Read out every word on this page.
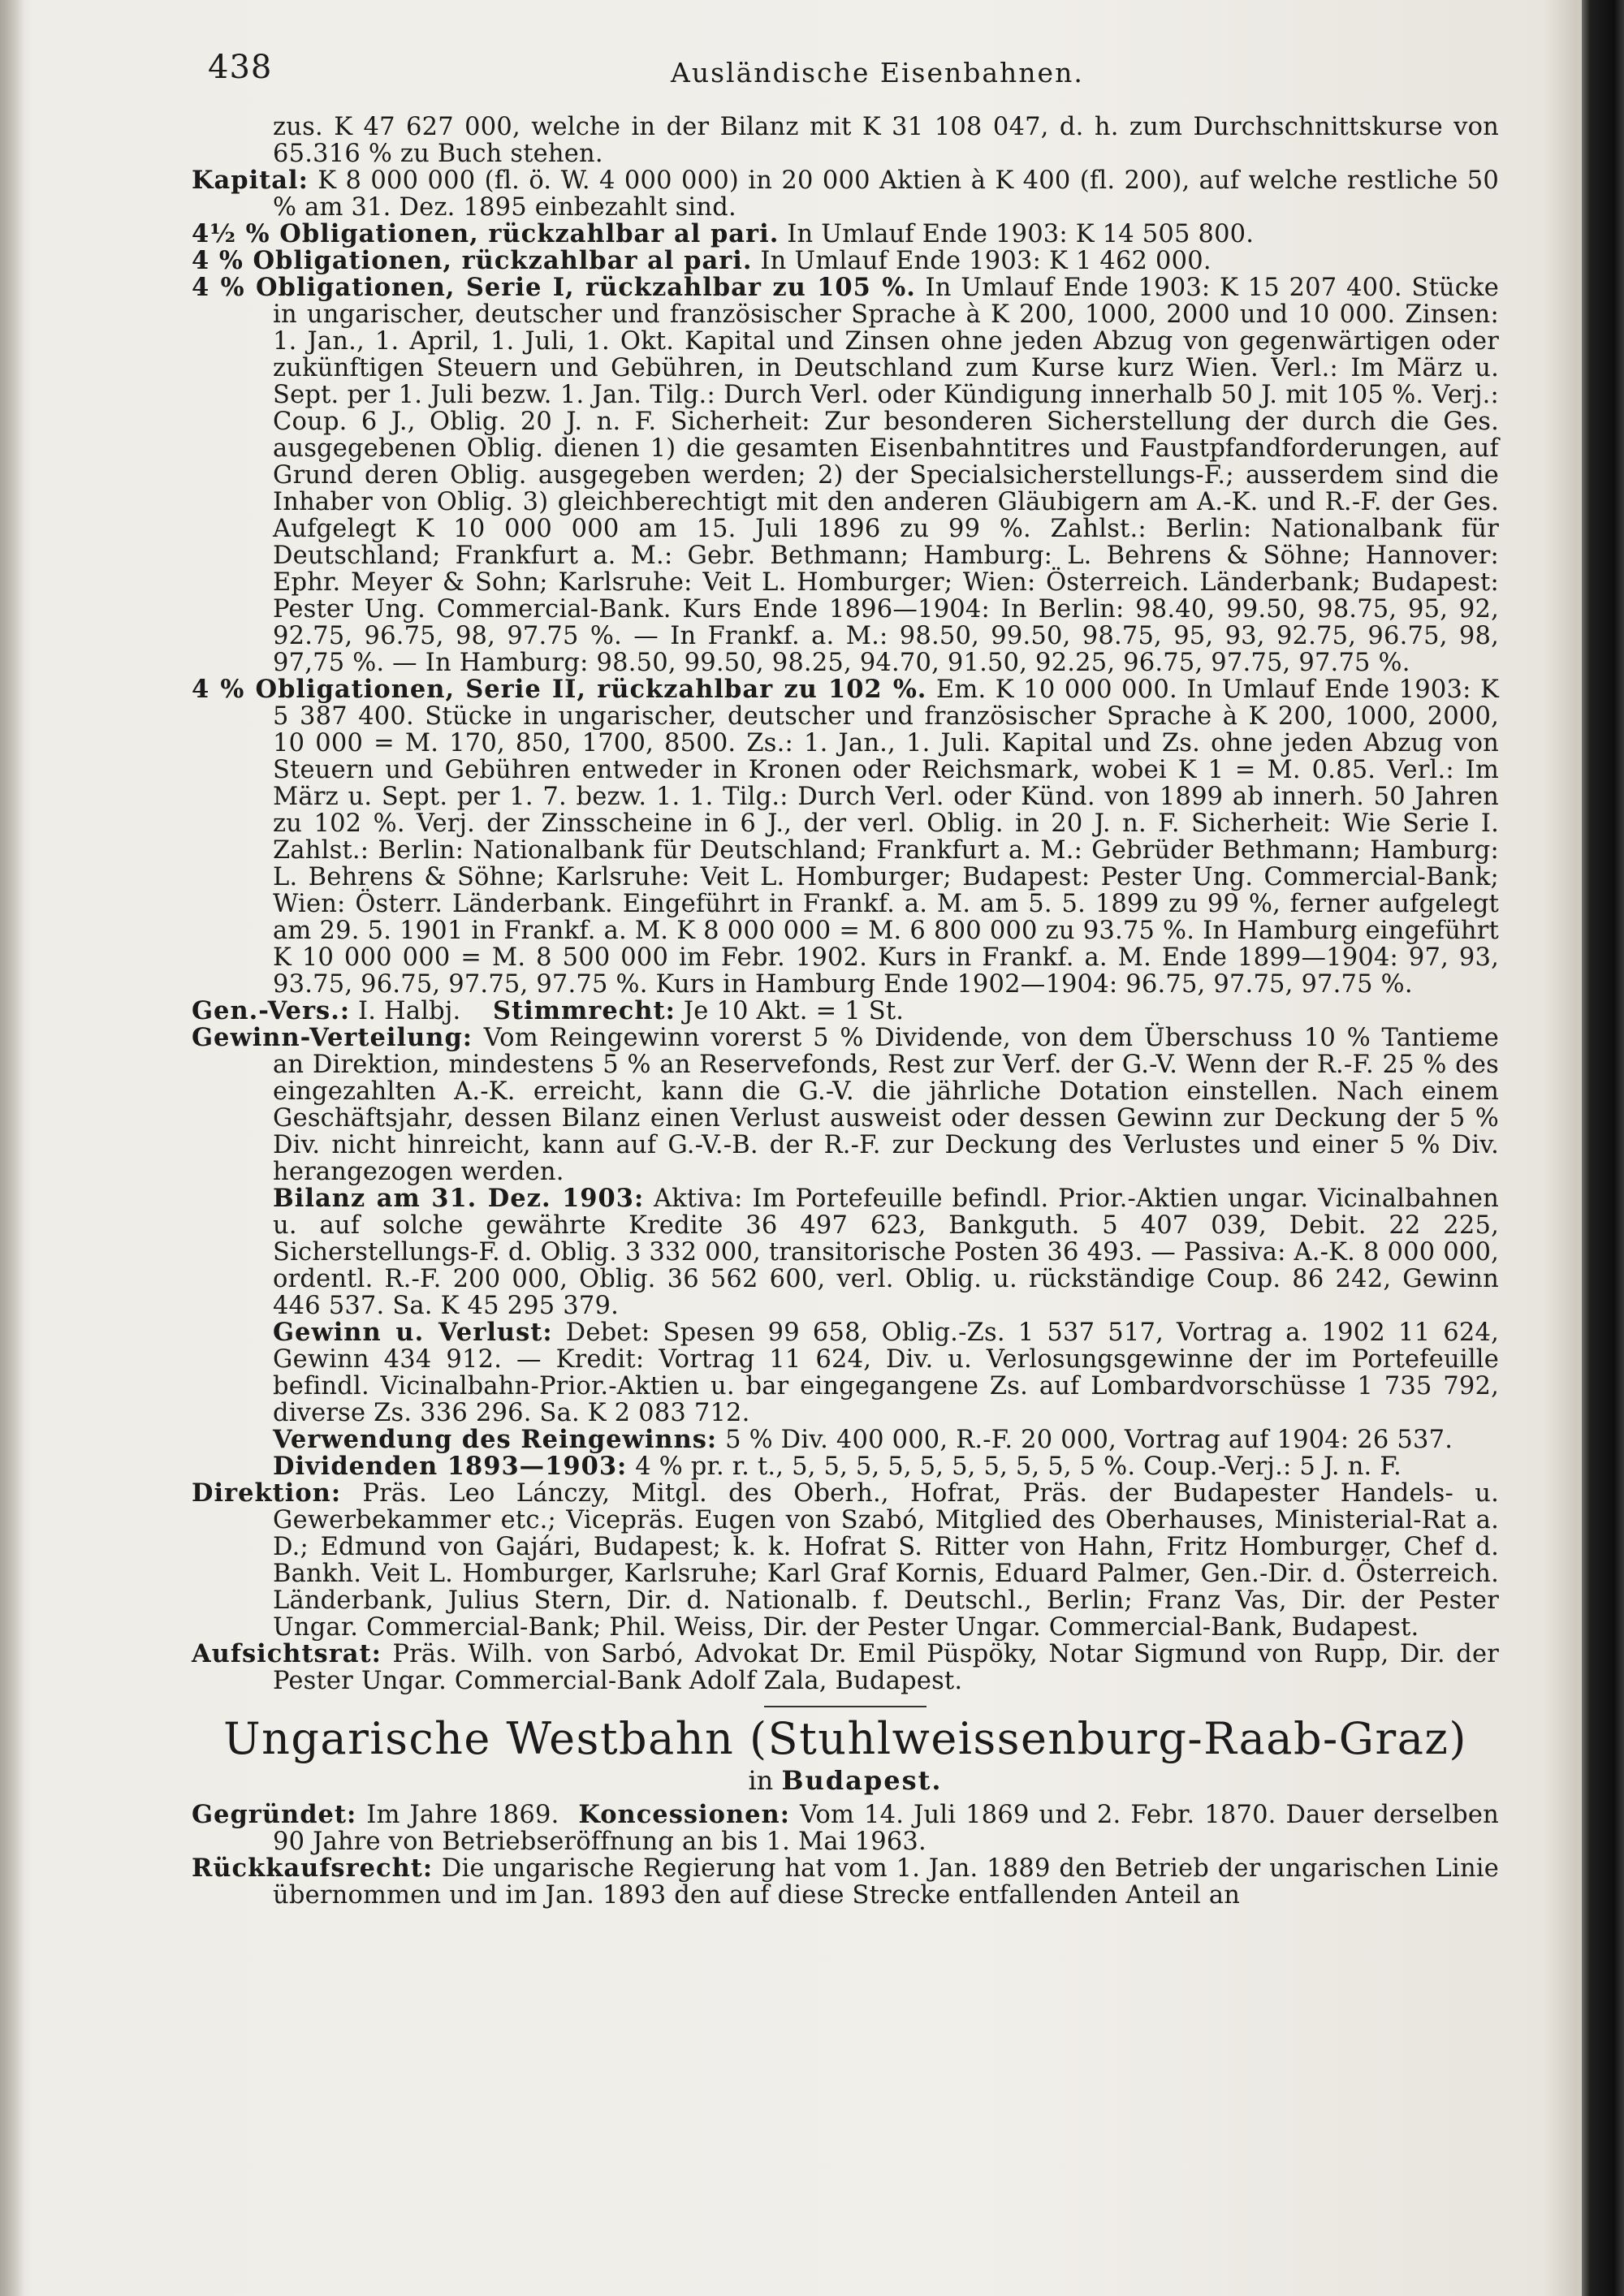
438	Ausländische Eisenbahnen.

zus. K 47 627 000, welche in der Bilanz mit K 31 108 047, d. h. zum Durchschnittskurse von 65.316 % zu Buch stehen.

Kapital: K 8 000 000 (fl. ö. W. 4 000 000) in 20 000 Aktien à K 400 (fl. 200), auf welche restliche 50 % am 31. Dez. 1895 einbezahlt sind.

4½ % Obligationen, rückzahlbar al pari. In Umlauf Ende 1903: K 14 505 800.

4 % Obligationen, rückzahlbar al pari. In Umlauf Ende 1903: K 1 462 000.

4 % Obligationen, Serie I, rückzahlbar zu 105 %. In Umlauf Ende 1903: K 15 207 400. Stücke in ungarischer, deutscher und französischer Sprache à K 200, 1000, 2000 und 10 000. Zinsen: 1. Jan., 1. April, 1. Juli, 1. Okt. Kapital und Zinsen ohne jeden Abzug von gegenwärtigen oder zukünftigen Steuern und Gebühren, in Deutschland zum Kurse kurz Wien. Verl.: Im März u. Sept. per 1. Juli bezw. 1. Jan. Tilg.: Durch Verl. oder Kündigung innerhalb 50 J. mit 105 %. Verj.: Coup. 6 J., Oblig. 20 J. n. F. Sicherheit: Zur besonderen Sicherstellung der durch die Ges. ausgegebenen Oblig. dienen 1) die gesamten Eisenbahntitres und Faustpfandforderungen, auf Grund deren Oblig. ausgegeben werden; 2) der Specialsicherstellungs-F.; ausserdem sind die Inhaber von Oblig. 3) gleichberechtigt mit den anderen Gläubigern am A.-K. und R.-F. der Ges. Aufgelegt K 10 000 000 am 15. Juli 1896 zu 99 %. Zahlst.: Berlin: Nationalbank für Deutschland; Frankfurt a. M.: Gebr. Bethmann; Hamburg: L. Behrens & Söhne; Hannover: Ephr. Meyer & Sohn; Karlsruhe: Veit L. Homburger; Wien: Österreich. Länderbank; Budapest: Pester Ung. Commercial-Bank. Kurs Ende 1896—1904: In Berlin: 98.40, 99.50, 98.75, 95, 92, 92.75, 96.75, 98, 97.75 %. — In Frankf. a. M.: 98.50, 99.50, 98.75, 95, 93, 92.75, 96.75, 98, 97,75 %. — In Hamburg: 98.50, 99.50, 98.25, 94.70, 91.50, 92.25, 96.75, 97.75, 97.75 %.

4 % Obligationen, Serie II, rückzahlbar zu 102 %. Em. K 10 000 000. In Umlauf Ende 1903: K 5 387 400. Stücke in ungarischer, deutscher und französischer Sprache à K 200, 1000, 2000, 10 000 = M. 170, 850, 1700, 8500. Zs.: 1. Jan., 1. Juli. Kapital und Zs. ohne jeden Abzug von Steuern und Gebühren entweder in Kronen oder Reichsmark, wobei K 1 = M. 0.85. Verl.: Im März u. Sept. per 1. 7. bezw. 1. 1. Tilg.: Durch Verl. oder Künd. von 1899 ab innerh. 50 Jahren zu 102 %. Verj. der Zinsscheine in 6 J., der verl. Oblig. in 20 J. n. F. Sicherheit: Wie Serie I. Zahlst.: Berlin: Nationalbank für Deutschland; Frankfurt a. M.: Gebrüder Bethmann; Hamburg: L. Behrens & Söhne; Karlsruhe: Veit L. Homburger; Budapest: Pester Ung. Commercial-Bank; Wien: Österr. Länderbank. Eingeführt in Frankf. a. M. am 5. 5. 1899 zu 99 %, ferner aufgelegt am 29. 5. 1901 in Frankf. a. M. K 8 000 000 = M. 6 800 000 zu 93.75 %. In Hamburg eingeführt K 10 000 000 = M. 8 500 000 im Febr. 1902. Kurs in Frankf. a. M. Ende 1899—1904: 97, 93, 93.75, 96.75, 97.75, 97.75 %. Kurs in Hamburg Ende 1902—1904: 96.75, 97.75, 97.75 %.

Gen.-Vers.: I. Halbj. Stimmrecht: Je 10 Akt. = 1 St.

Gewinn-Verteilung: Vom Reingewinn vorerst 5 % Dividende, von dem Überschuss 10 % Tantieme an Direktion, mindestens 5 % an Reservefonds, Rest zur Verf. der G.-V. Wenn der R.-F. 25 % des eingezahlten A.-K. erreicht, kann die G.-V. die jährliche Dotation einstellen. Nach einem Geschäftsjahr, dessen Bilanz einen Verlust ausweist oder dessen Gewinn zur Deckung der 5 % Div. nicht hinreicht, kann auf G.-V.-B. der R.-F. zur Deckung des Verlustes und einer 5 % Div. herangezogen werden.

Bilanz am 31. Dez. 1903: Aktiva: Im Portefeuille befindl. Prior.-Aktien ungar. Vicinalbahnen u. auf solche gewährte Kredite 36 497 623, Bankguth. 5 407 039, Debit. 22 225, Sicherstellungs-F. d. Oblig. 3 332 000, transitorische Posten 36 493. — Passiva: A.-K. 8 000 000, ordentl. R.-F. 200 000, Oblig. 36 562 600, verl. Oblig. u. rückständige Coup. 86 242, Gewinn 446 537. Sa. K 45 295 379.

Gewinn u. Verlust: Debet: Spesen 99 658, Oblig.-Zs. 1 537 517, Vortrag a. 1902 11 624, Gewinn 434 912. — Kredit: Vortrag 11 624, Div. u. Verlosungsgewinne der im Portefeuille befindl. Vicinalbahn-Prior.-Aktien u. bar eingegangene Zs. auf Lombardvorschüsse 1 735 792, diverse Zs. 336 296. Sa. K 2 083 712.

Verwendung des Reingewinns: 5 % Div. 400 000, R.-F. 20 000, Vortrag auf 1904: 26 537.

Dividenden 1893—1903: 4 % pr. r. t., 5, 5, 5, 5, 5, 5, 5, 5, 5, 5 %. Coup.-Verj.: 5 J. n. F.

Direktion: Präs. Leo Lánczy, Mitgl. des Oberh., Hofrat, Präs. der Budapester Handels- u. Gewerbekammer etc.; Vicepräs. Eugen von Szabó, Mitglied des Oberhauses, Ministerial-Rat a. D.; Edmund von Gajári, Budapest; k. k. Hofrat S. Ritter von Hahn, Fritz Homburger, Chef d. Bankh. Veit L. Homburger, Karlsruhe; Karl Graf Kornis, Eduard Palmer, Gen.-Dir. d. Österreich. Länderbank, Julius Stern, Dir. d. Nationalb. f. Deutschl., Berlin; Franz Vas, Dir. der Pester Ungar. Commercial-Bank; Phil. Weiss, Dir. der Pester Ungar. Commercial-Bank, Budapest.

Aufsichtsrat: Präs. Wilh. von Sarbó, Advokat Dr. Emil Püspöky, Notar Sigmund von Rupp, Dir. der Pester Ungar. Commercial-Bank Adolf Zala, Budapest.

Ungarische Westbahn (Stuhlweissenburg-Raab-Graz)

in Budapest.

Gegründet: Im Jahre 1869. Koncessionen: Vom 14. Juli 1869 und 2. Febr. 1870. Dauer derselben 90 Jahre von Betriebseröffnung an bis 1. Mai 1963.

Rückkaufsrecht: Die ungarische Regierung hat vom 1. Jan. 1889 den Betrieb der ungarischen Linie übernommen und im Jan. 1893 den auf diese Strecke entfallenden Anteil an
